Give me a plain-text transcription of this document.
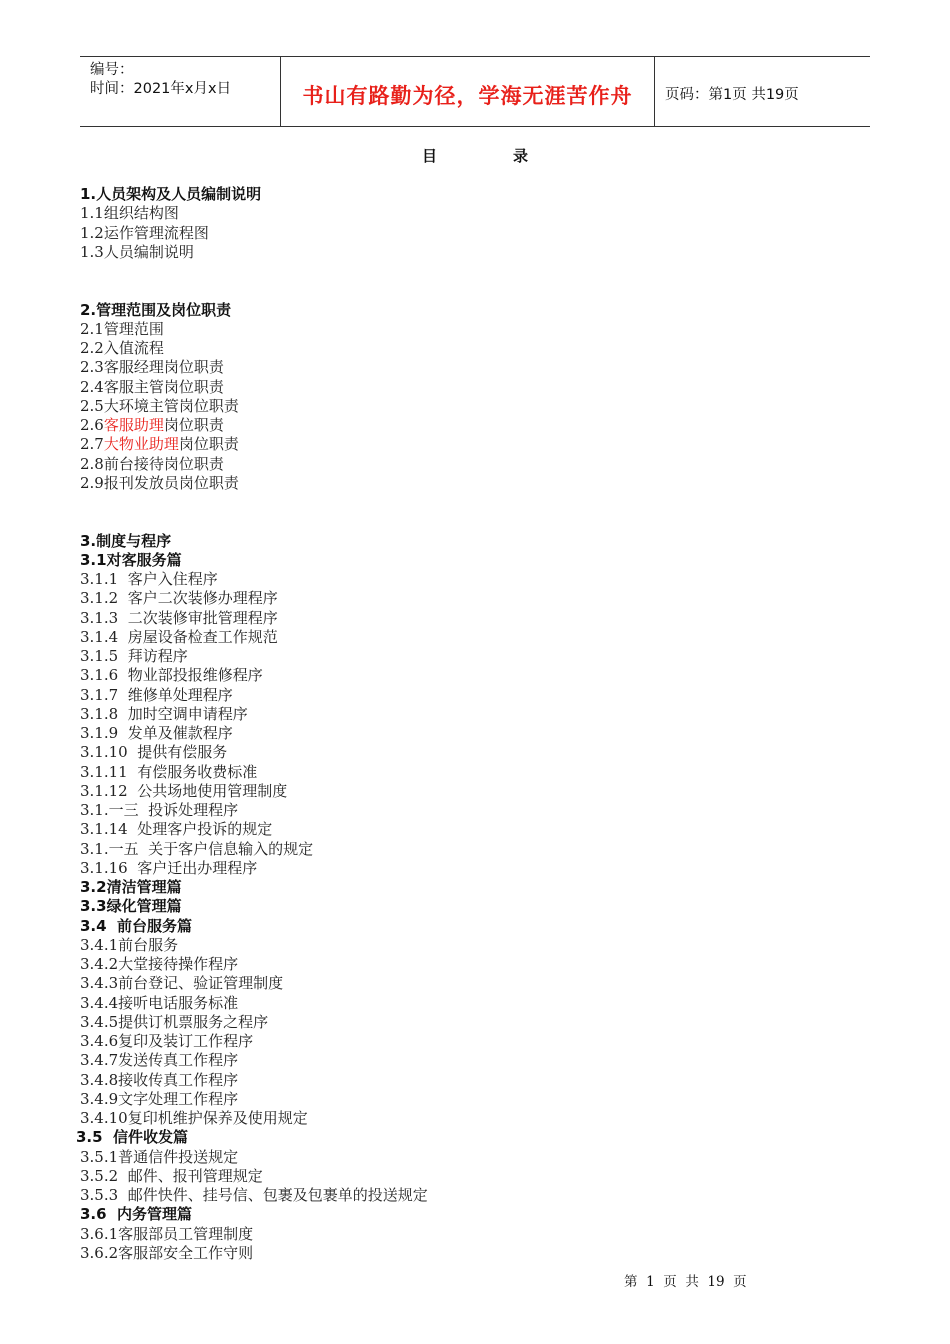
编号：
时间：2021年x月x日	书山有路勤为径，学海无涯苦作舟 页码：第1页 共19页
目	录
1.人员架构及人员编制说明
1.1组织结构图
1.2运作管理流程图
1.3人员编制说明
2.管理范围及岗位职责
2.1管理范围
2.2入值流程
2.3客服经理岗位职责
2.4客服主管岗位职责
2.5大环境主管岗位职责
2.6客服助理岗位职责
2.7大物业助理岗位职责
2.8前台接待岗位职责
2.9报刊发放员岗位职责
3.制度与程序
3.1对客服务篇
3.1.1  客户入住程序
3.1.2  客户二次装修办理程序
3.1.3  二次装修审批管理程序
3.1.4  房屋设备检查工作规范
3.1.5  拜访程序
3.1.6  物业部投报维修程序
3.1.7  维修单处理程序
3.1.8  加时空调申请程序
3.1.9  发单及催款程序
3.1.10  提供有偿服务
3.1.11  有偿服务收费标准
3.1.12  公共场地使用管理制度
3.1.一三  投诉处理程序
3.1.14  处理客户投诉的规定
3.1.一五  关于客户信息输入的规定
3.1.16  客户迁出办理程序
3.2清洁管理篇
3.3绿化管理篇
3.4  前台服务篇
3.4.1前台服务
3.4.2大堂接待操作程序
3.4.3前台登记、验证管理制度
3.4.4接听电话服务标准
3.4.5提供订机票服务之程序
3.4.6复印及装订工作程序
3.4.7发送传真工作程序
3.4.8接收传真工作程序
3.4.9文字处理工作程序
3.4.10复印机维护保养及使用规定
3.5  信件收发篇
3.5.1普通信件投送规定
3.5.2  邮件、报刊管理规定
3.5.3  邮件快件、挂号信、包裹及包裹单的投送规定
3.6  内务管理篇
3.6.1客服部员工管理制度
3.6.2客服部安全工作守则
第  1  页  共  19  页
